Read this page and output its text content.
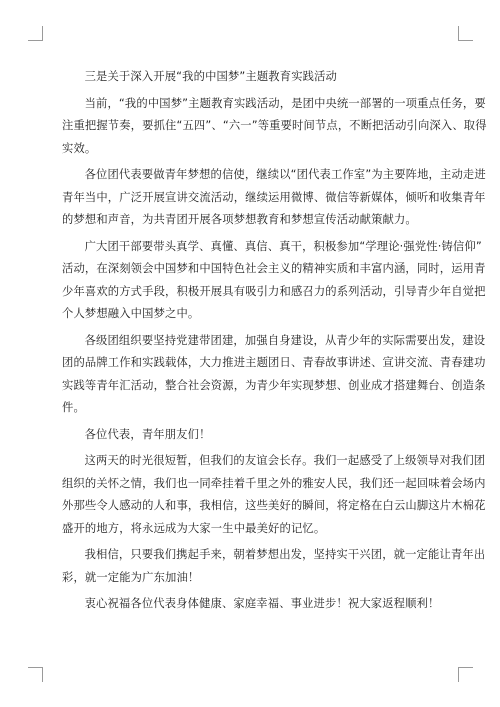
三是关于深入开展“我的中国梦”主题教育实践活动
当前，“我的中国梦”主题教育实践活动，是团中央统一部署的一项重点任务，要
注重把握节奏，要抓住“五四”、“六一”等重要时间节点，不断把活动引向深入、取得
实效。
各位团代表要做青年梦想的信使，继续以“团代表工作室”为主要阵地，主动走进
青年当中，广泛开展宣讲交流活动，继续运用微博、微信等新媒体，倾听和收集青年
的梦想和声音，为共青团开展各项梦想教育和梦想宣传活动献策献力。
广大团干部要带头真学、真懂、真信、真干，积极参加“学理论·强党性·铸信仰”
活动，在深刻领会中国梦和中国特色社会主义的精神实质和丰富内涵，同时，运用青
少年喜欢的方式手段，积极开展具有吸引力和感召力的系列活动，引导青少年自觉把
个人梦想融入中国梦之中。
各级团组织要坚持党建带团建，加强自身建设，从青少年的实际需要出发，建设
团的品牌工作和实践载体，大力推进主题团日、青春故事讲述、宣讲交流、青春建功
实践等青年汇活动，整合社会资源，为青少年实现梦想、创业成才搭建舞台、创造条
件。
各位代表，青年朋友们！
这两天的时光很短暂，但我们的友谊会长存。我们一起感受了上级领导对我们团
组织的关怀之情，我们也一同牵挂着千里之外的雅安人民，我们还一起回味着会场内
外那些令人感动的人和事，我相信，这些美好的瞬间，将定格在白云山脚这片木棉花
盛开的地方，将永远成为大家一生中最美好的记忆。
我相信，只要我们携起手来，朝着梦想出发，坚持实干兴团，就一定能让青年出
彩，就一定能为广东加油！
衷心祝福各位代表身体健康、家庭幸福、事业进步！祝大家返程顺利！
